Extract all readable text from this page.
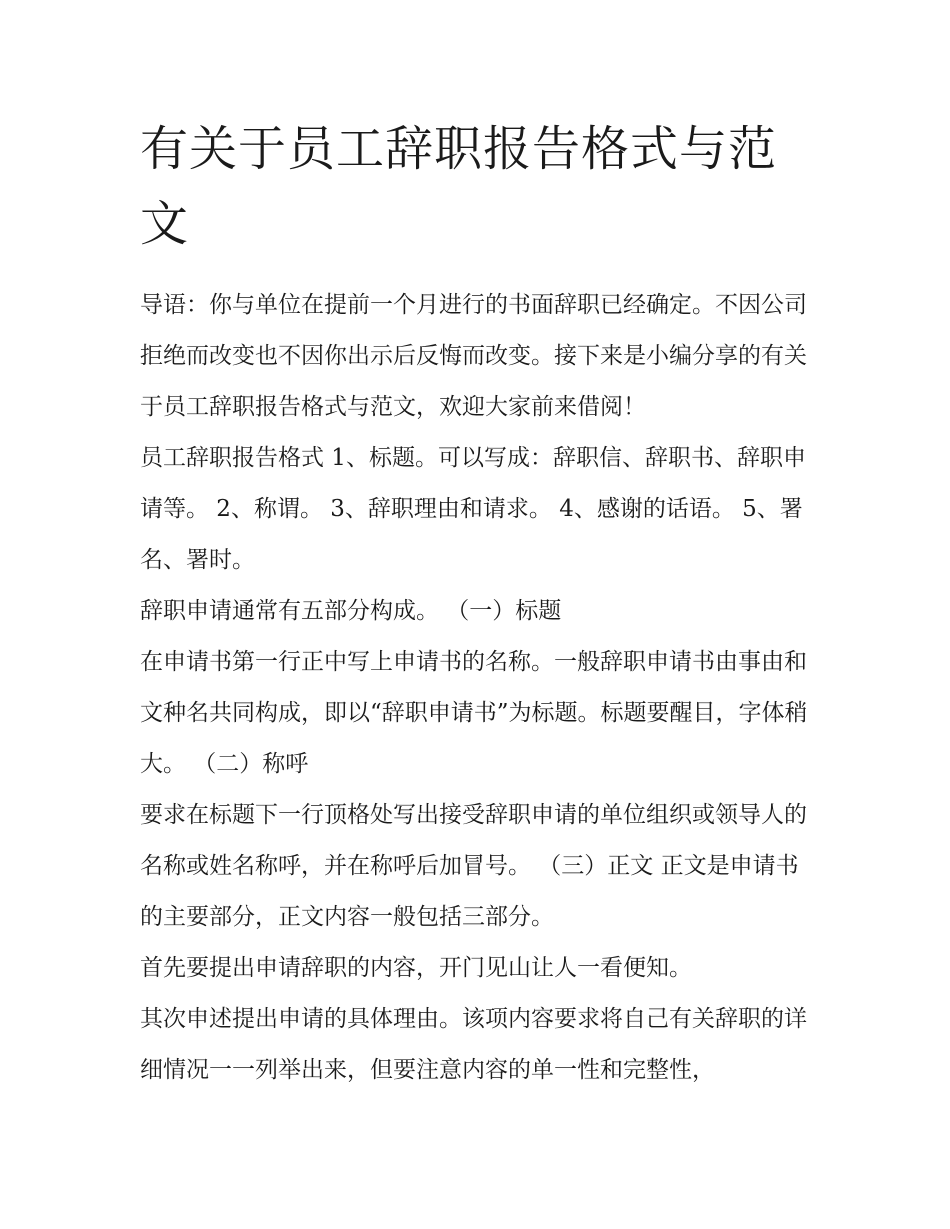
有关于员工辞职报告格式与范文

导语：你与单位在提前一个月进行的书面辞职已经确定。不因公司拒绝而改变也不因你出示后反悔而改变。接下来是小编分享的有关于员工辞职报告格式与范文，欢迎大家前来借阅！

员工辞职报告格式 1、标题。可以写成：辞职信、辞职书、辞职申请等。 2、称谓。 3、辞职理由和请求。 4、感谢的话语。 5、署名、署时。

辞职申请通常有五部分构成。 （一）标题

在申请书第一行正中写上申请书的名称。一般辞职申请书由事由和文种名共同构成，即以“辞职申请书”为标题。标题要醒目，字体稍大。 （二）称呼

要求在标题下一行顶格处写出接受辞职申请的单位组织或领导人的名称或姓名称呼，并在称呼后加冒号。 （三）正文 正文是申请书的主要部分，正文内容一般包括三部分。

首先要提出申请辞职的内容，开门见山让人一看便知。

其次申述提出申请的具体理由。该项内容要求将自己有关辞职的详细情况一一列举出来，但要注意内容的单一性和完整性，
